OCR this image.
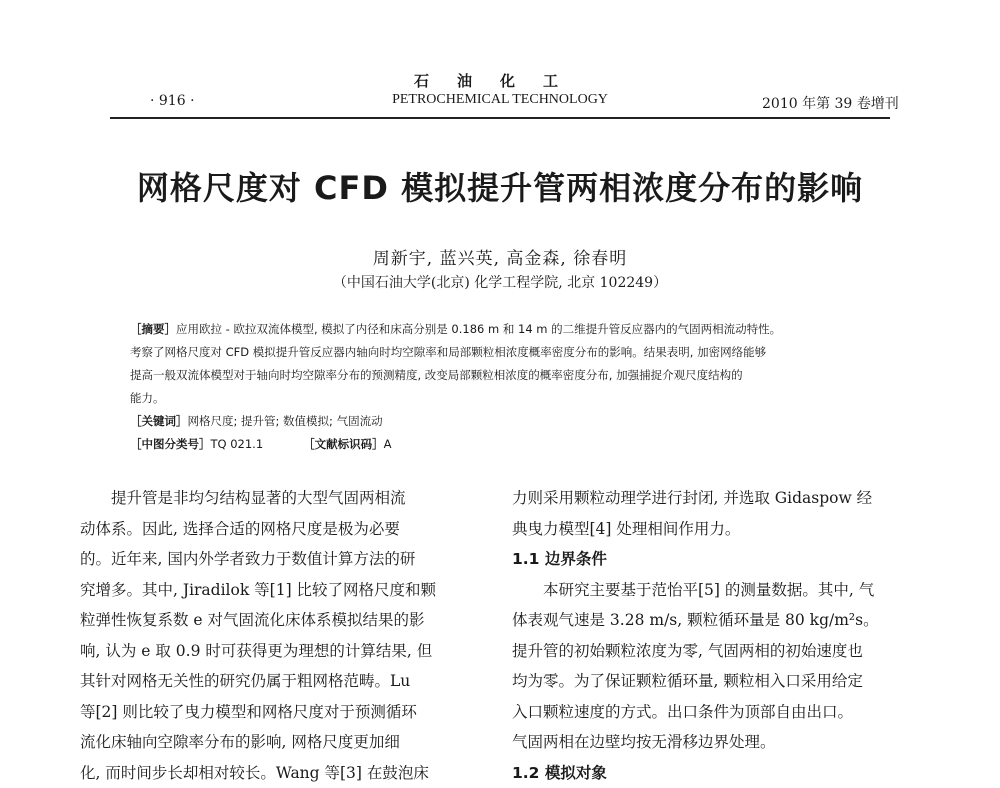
石油化工
PETROCHEMICAL TECHNOLOGY
· 916 ·	2010 年第 39 卷增刊
网格尺度对 CFD 模拟提升管两相浓度分布的影响
周新宇, 蓝兴英, 高金森, 徐春明
（中国石油大学(北京) 化学工程学院, 北京 102249）

［摘要］应用欧拉 - 欧拉双流体模型, 模拟了内径和床高分别是 0.186 m 和 14 m 的二维提升管反应器内的气固两相流动特性。

考察了网格尺度对 CFD 模拟提升管反应器内轴向时均空隙率和局部颗粒相浓度概率密度分布的影响。结果表明, 加密网络能够

提高一般双流体模型对于轴向时均空隙率分布的预测精度, 改变局部颗粒相浓度的概率密度分布, 加强捕捉介观尺度结构的

能力。

［关键词］网格尺度; 提升管; 数值模拟; 气固流动

［中图分类号］TQ 021.1	［文献标识码］A

提升管是非均匀结构显著的大型气固两相流

动体系。因此, 选择合适的网格尺度是极为必要

的。近年来, 国内外学者致力于数值计算方法的研

究增多。其中, Jiradilok 等[1] 比较了网格尺度和颗

粒弹性恢复系数 e 对气固流化床体系模拟结果的影

响, 认为 e 取 0.9 时可获得更为理想的计算结果, 但

其针对网格无关性的研究仍属于粗网格范畴。Lu

等[2] 则比较了曳力模型和网格尺度对于预测循环

流化床轴向空隙率分布的影响, 网格尺度更加细

化, 而时间步长却相对较长。Wang 等[3] 在鼓泡床

力则采用颗粒动理学进行封闭, 并选取 Gidaspow 经

典曳力模型[4] 处理相间作用力。

1.1 边界条件

本研究主要基于范怡平[5] 的测量数据。其中, 气

体表观气速是 3.28 m/s, 颗粒循环量是 80 kg/m²s。

提升管的初始颗粒浓度为零, 气固两相的初始速度也

均为零。为了保证颗粒循环量, 颗粒相入口采用给定

入口颗粒速度的方式。出口条件为顶部自由出口。

气固两相在边壁均按无滑移边界处理。

1.2 模拟对象
